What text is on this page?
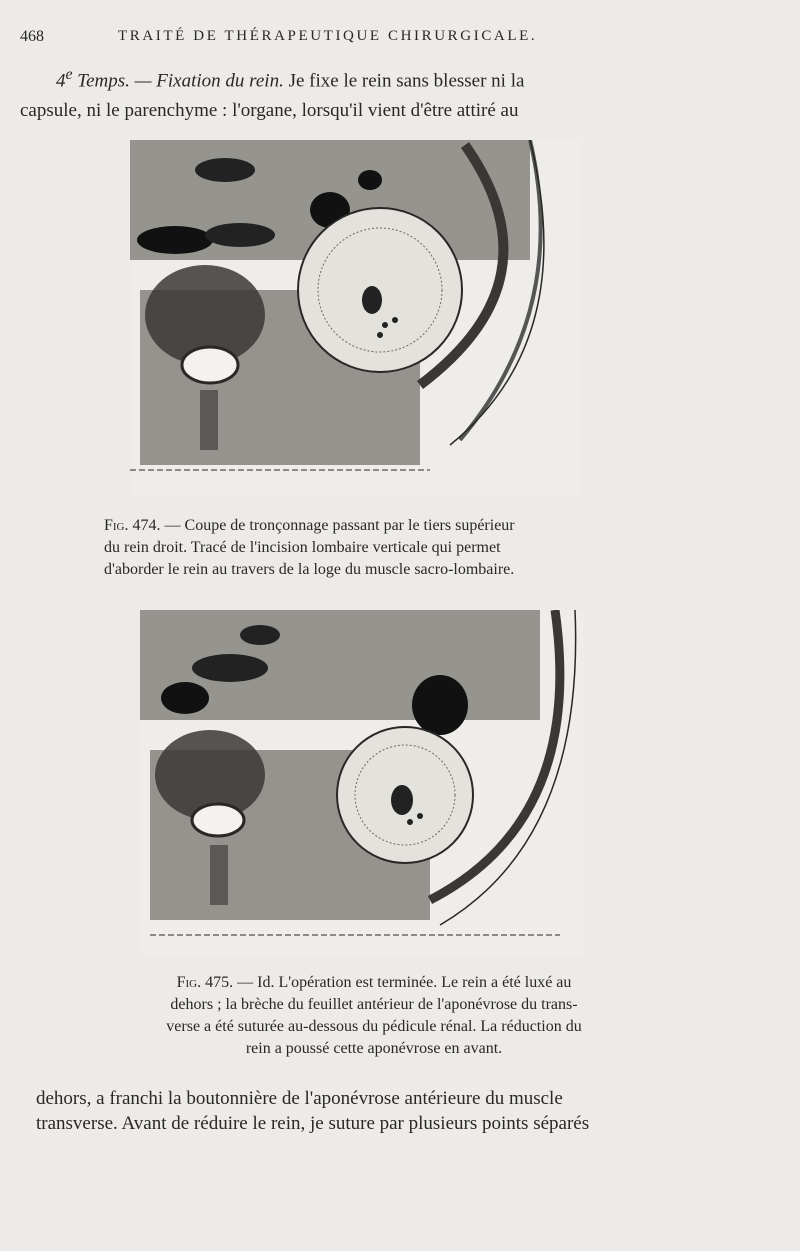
468	TRAITÉ DE THÉRAPEUTIQUE CHIRURGICALE.
4e Temps. — Fixation du rein. Je fixe le rein sans blesser ni la
capsule, ni le parenchyme : l'organe, lorsqu'il vient d'être attiré au
Fig. 474. — Coupe de tronçonnage passant par le tiers supérieur
du rein droit. Tracé de l'incision lombaire verticale qui permet
d'aborder le rein au travers de la loge du muscle sacro-lombaire.
Fig. 475. — Id. L'opération est terminée. Le rein a été luxé au
dehors ; la brèche du feuillet antérieur de l'aponévrose du trans-
verse a été suturée au-dessous du pédicule rénal. La réduction du
rein a poussé cette aponévrose en avant.
dehors, a franchi la boutonnière de l'aponévrose antérieure du muscle
transverse. Avant de réduire le rein, je suture par plusieurs points séparés
